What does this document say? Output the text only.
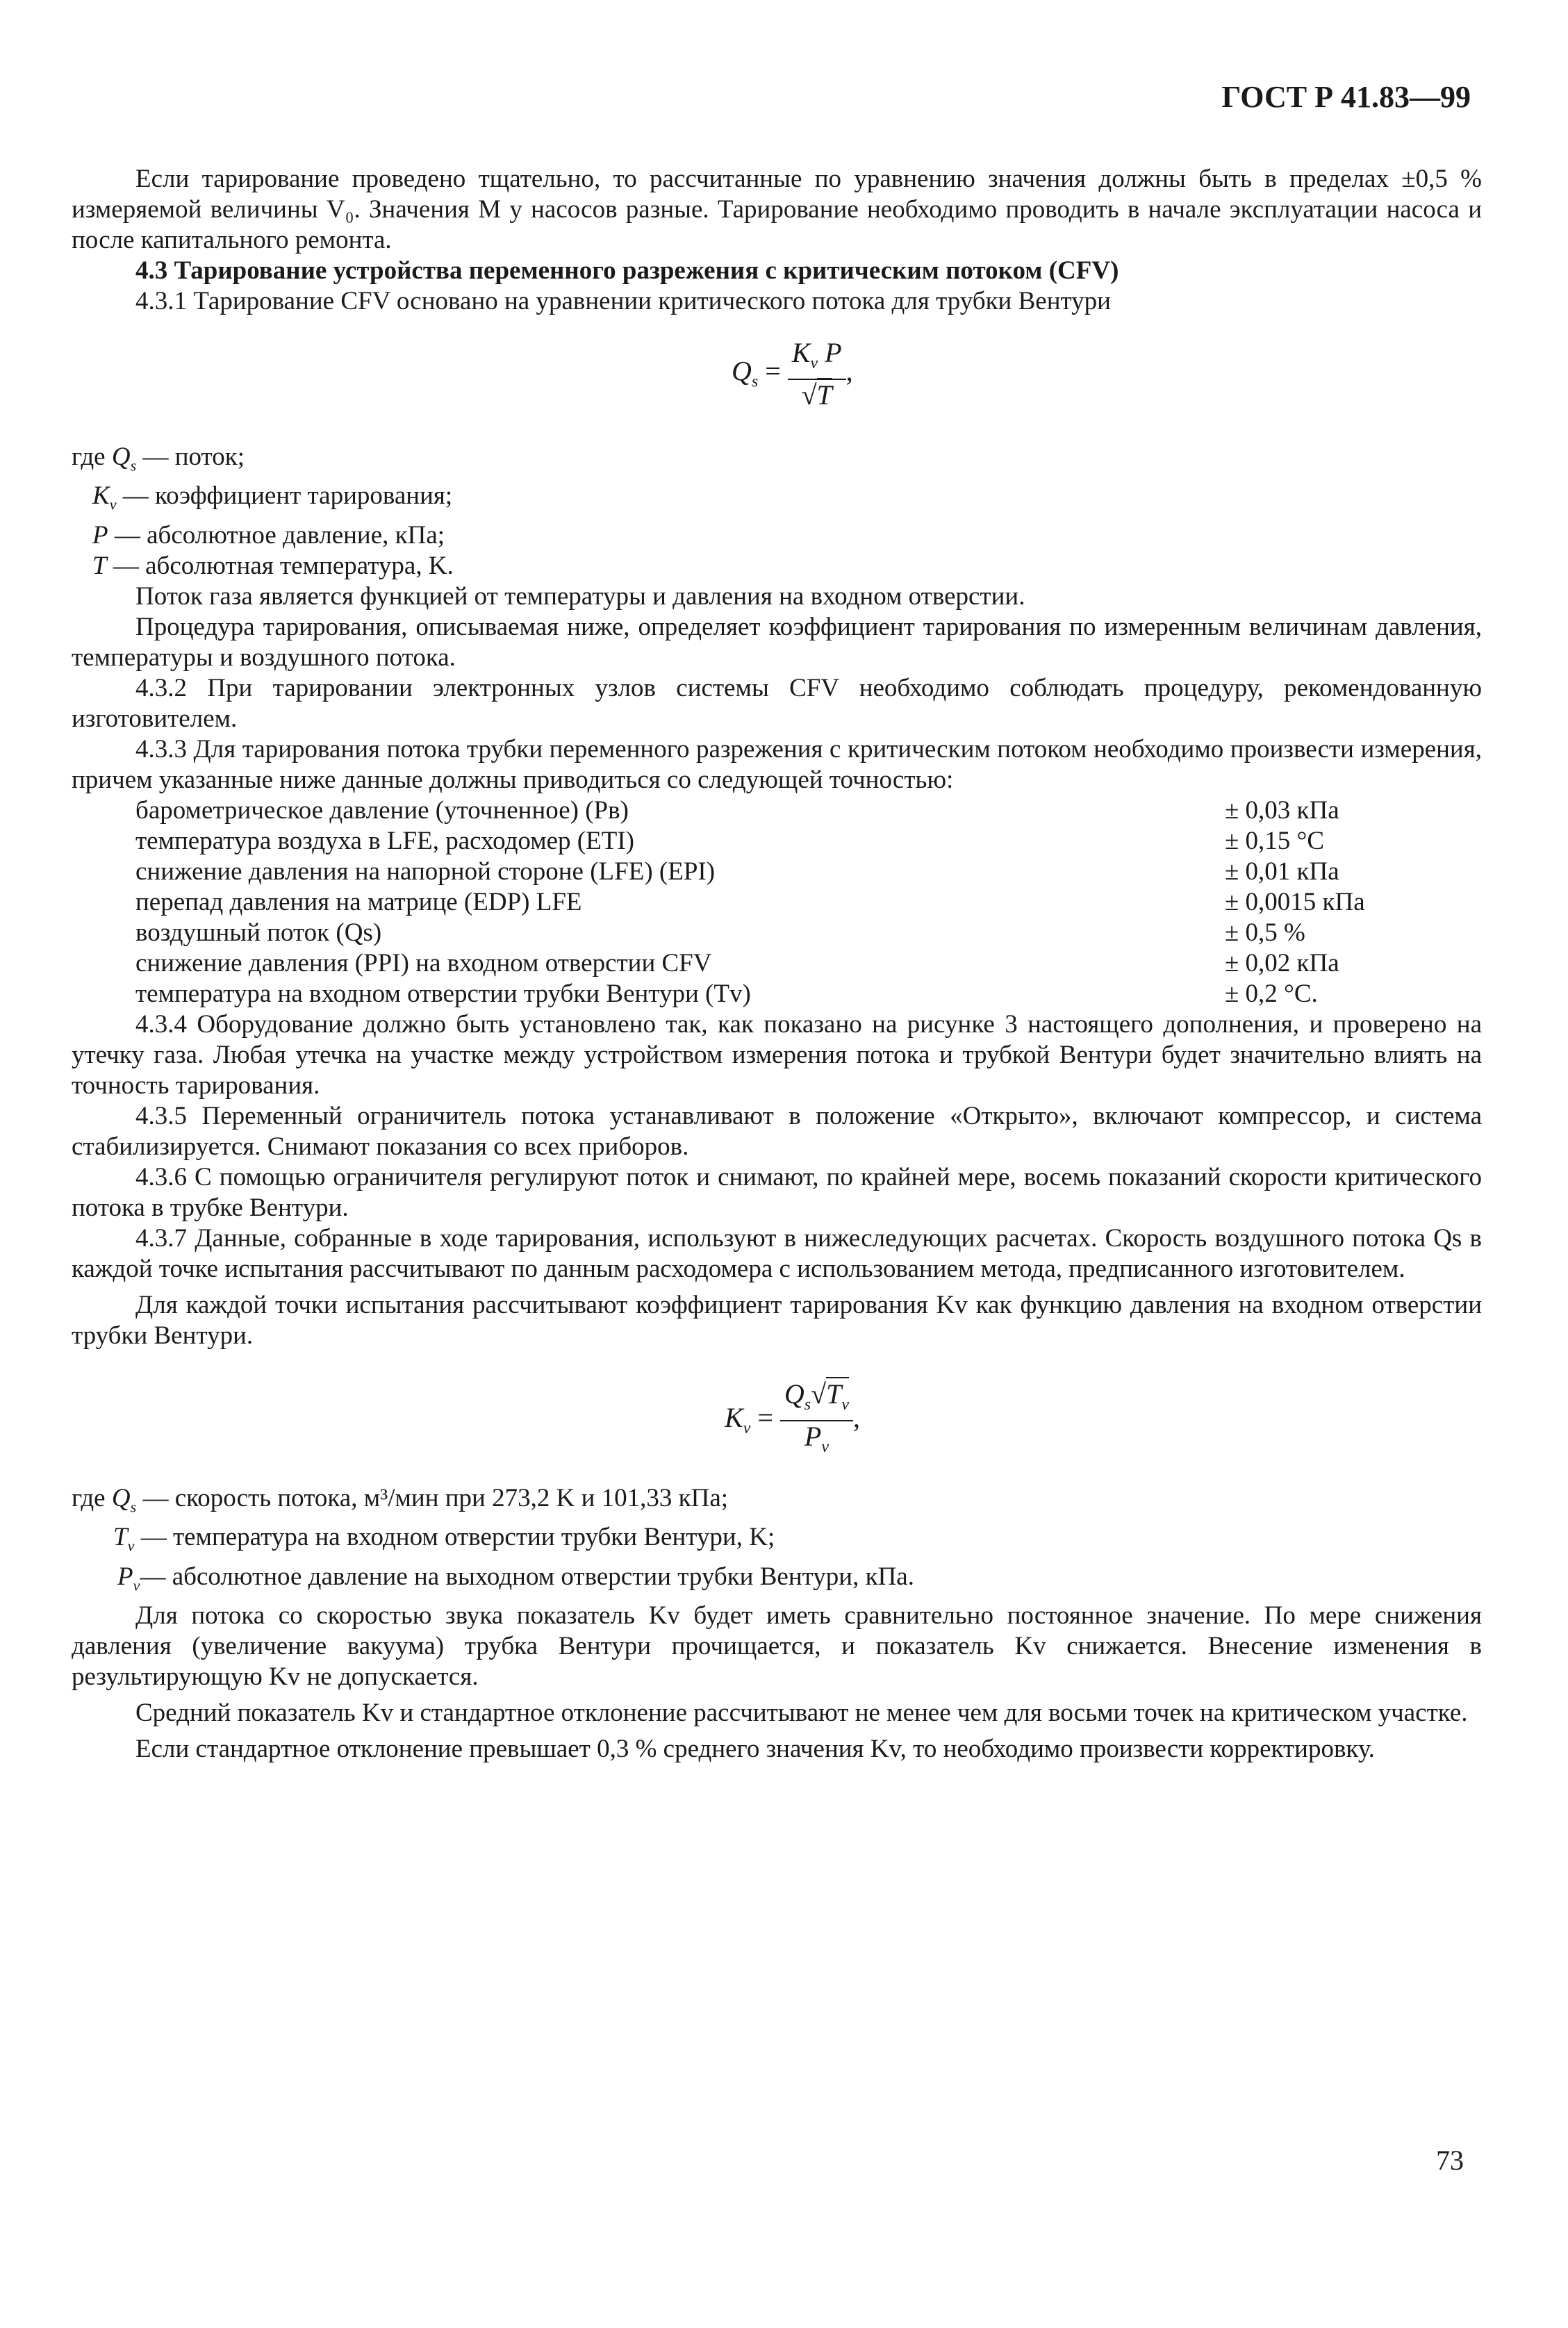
ГОСТ Р 41.83—99

Если тарирование проведено тщательно, то рассчитанные по уравнению значения должны быть в пределах ±0,5 % измеряемой величины V₀. Значения M у насосов разные. Тарирование необходимо проводить в начале эксплуатации насоса и после капитального ремонта.

4.3 Тарирование устройства переменного разрежения с критическим потоком (CFV)

4.3.1 Тарирование CFV основано на уравнении критического потока для трубки Вентури

$Q_s = \frac{K_v P}{√T}$ ,
где $Q_s$ — поток;
$K_v$ — коэффициент тарирования;
P — абсолютное давление, кПа;
T — абсолютная температура, K.

Поток газа является функцией от температуры и давления на входном отверстии.

Процедура тарирования, описываемая ниже, определяет коэффициент тарирования по измеренным величинам давления, температуры и воздушного потока.

4.3.2 При тарировании электронных узлов системы CFV необходимо соблюдать процедуру, рекомендованную изготовителем.

4.3.3 Для тарирования потока трубки переменного разрежения с критическим потоком необходимо произвести измерения, причем указанные ниже данные должны приводиться со следующей точностью:

барометрическое давление (уточненное) (Pв)	± 0,03 кПа
температура воздуха в LFE, расходомер (ETI)	± 0,15 °C
снижение давления на напорной стороне (LFE) (EPI)	± 0,01 кПа
перепад давления на матрице (EDP) LFE	± 0,0015 кПа
воздушный поток (Qs)	± 0,5 %
снижение давления (PPI) на входном отверстии CFV	± 0,02 кПа
температура на входном отверстии трубки Вентури (Tv)	± 0,2 °C.

4.3.4 Оборудование должно быть установлено так, как показано на рисунке 3 настоящего дополнения, и проверено на утечку газа. Любая утечка на участке между устройством измерения потока и трубкой Вентури будет значительно влиять на точность тарирования.

4.3.5 Переменный ограничитель потока устанавливают в положение «Открыто», включают компрессор, и система стабилизируется. Снимают показания со всех приборов.

4.3.6 С помощью ограничителя регулируют поток и снимают, по крайней мере, восемь показаний скорости критического потока в трубке Вентури.

4.3.7 Данные, собранные в ходе тарирования, используют в нижеследующих расчетах. Скорость воздушного потока Qs в каждой точке испытания рассчитывают по данным расходомера с использованием метода, предписанного изготовителем.

Для каждой точки испытания рассчитывают коэффициент тарирования Kv как функцию давления на входном отверстии трубки Вентури.

$K_v = \frac{Q_s√T_v}{P_v}$ ,
где $Q_s$ — скорость потока, м³/мин при 273,2 K и 101,33 кПа;
$T_v$ — температура на входном отверстии трубки Вентури, K;
$P_v—$ абсолютное давление на выходном отверстии трубки Вентури, кПа.

Для потока со скоростью звука показатель Kv будет иметь сравнительно постоянное значение. По мере снижения давления (увеличение вакуума) трубка Вентури прочищается, и показатель Kv снижается. Внесение изменения в результирующую Kv не допускается.

Средний показатель Kv и стандартное отклонение рассчитывают не менее чем для восьми точек на критическом участке.

Если стандартное отклонение превышает 0,3 % среднего значения Kv, то необходимо произвести корректировку.

73
